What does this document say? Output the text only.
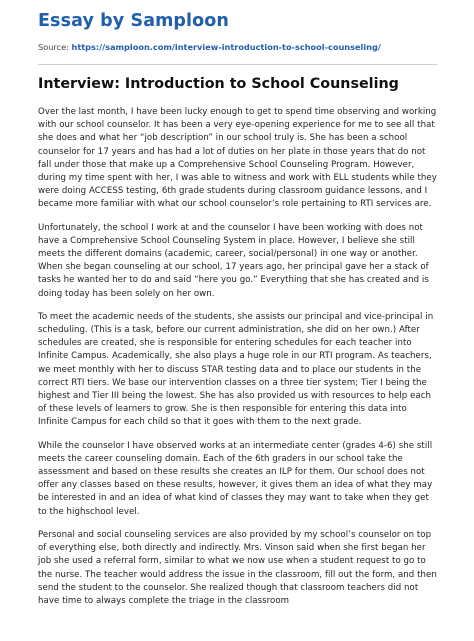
Essay by Samploon
Source: https://samploon.com/interview-introduction-to-school-counseling/
Interview: Introduction to School Counseling

Over the last month, I have been lucky enough to get to spend time observing and working with our school counselor. It has been a very eye-opening experience for me to see all that she does and what her “job description” in our school truly is. She has been a school counselor for 17 years and has had a lot of duties on her plate in those years that do not fall under those that make up a Comprehensive School Counseling Program. However, during my time spent with her, I was able to witness and work with ELL students while they were doing ACCESS testing, 6th grade students during classroom guidance lessons, and I became more familiar with what our school counselor’s role pertaining to RTI services are.

Unfortunately, the school I work at and the counselor I have been working with does not have a Comprehensive School Counseling System in place. However, I believe she still meets the different domains (academic, career, social/personal) in one way or another. When she began counseling at our school, 17 years ago, her principal gave her a stack of tasks he wanted her to do and said “here you go.” Everything that she has created and is doing today has been solely on her own.

To meet the academic needs of the students, she assists our principal and vice-principal in scheduling. (This is a task, before our current administration, she did on her own.) After schedules are created, she is responsible for entering schedules for each teacher into Infinite Campus. Academically, she also plays a huge role in our RTI program. As teachers, we meet monthly with her to discuss STAR testing data and to place our students in the correct RTI tiers. We base our intervention classes on a three tier system; Tier I being the highest and Tier III being the lowest. She has also provided us with resources to help each of these levels of learners to grow. She is then responsible for entering this data into Infinite Campus for each child so that it goes with them to the next grade.

While the counselor I have observed works at an intermediate center (grades 4-6) she still meets the career counseling domain. Each of the 6th graders in our school take the assessment and based on these results she creates an ILP for them. Our school does not offer any classes based on these results, however, it gives them an idea of what they may be interested in and an idea of what kind of classes they may want to take when they get to the highschool level.

Personal and social counseling services are also provided by my school’s counselor on top of everything else, both directly and indirectly. Mrs. Vinson said when she first began her job she used a referral form, similar to what we now use when a student request to go to the nurse. The teacher would address the issue in the classroom, fill out the form, and then send the student to the counselor. She realized though that classroom teachers did not have time to always complete the triage in the classroom
